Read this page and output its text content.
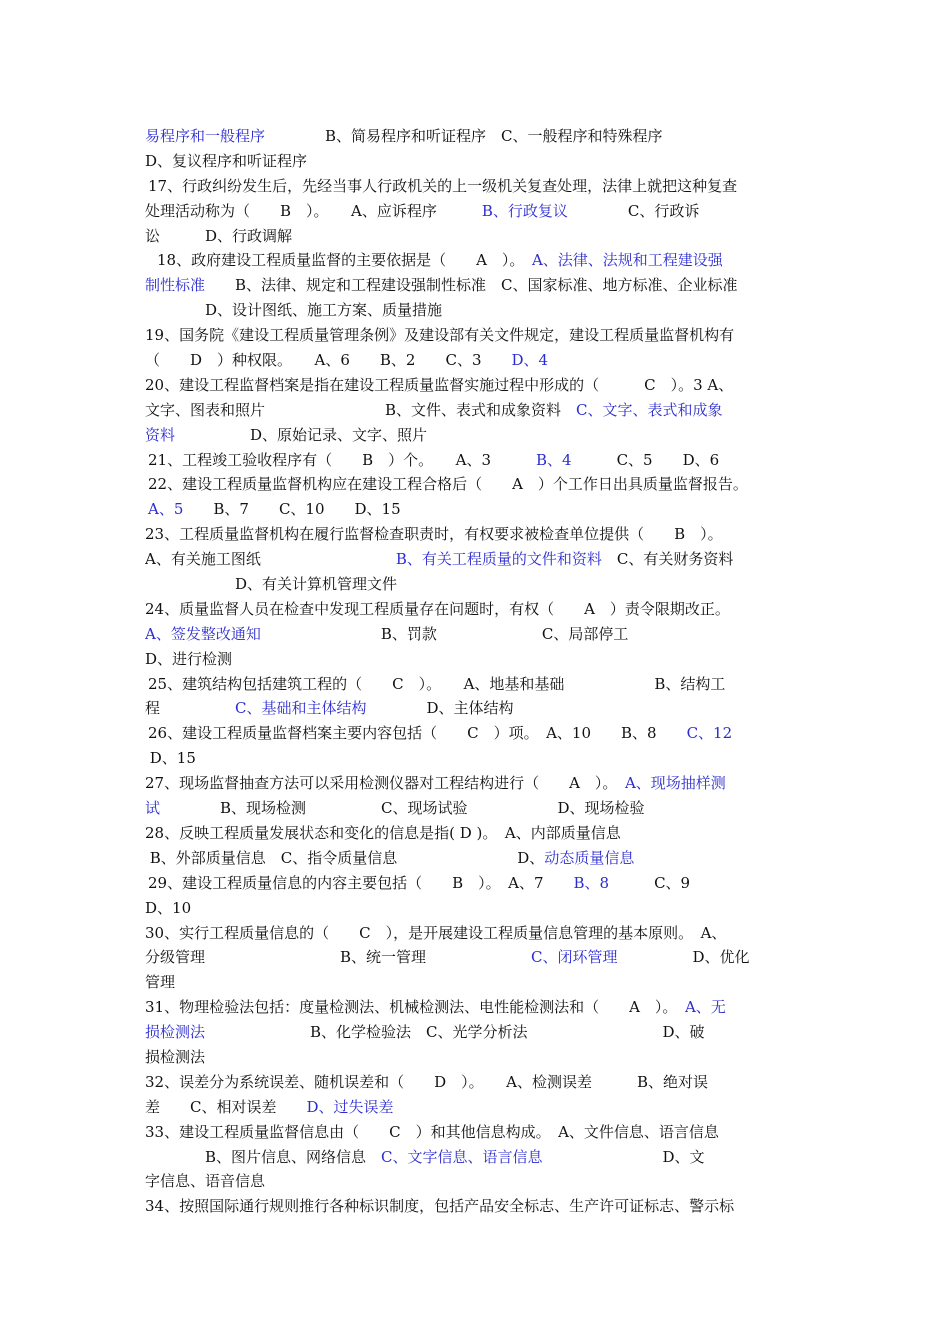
易程序和一般程序　　　　B、简易程序和听证程序　C、一般程序和特殊程序
D、复议程序和听证程序
17、行政纠纷发生后，先经当事人行政机关的上一级机关复查处理，法律上就把这种复查
处理活动称为（　　B　）。　　A、应诉程序　　　B、行政复议　　　　C、行政诉
讼　　　D、行政调解
18、政府建设工程质量监督的主要依据是（　　A　）。　A、法律、法规和工程建设强
制性标准　　B、法律、规定和工程建设强制性标准　C、国家标准、地方标准、企业标准
　　　　D、设计图纸、施工方案、质量措施
19、国务院《建设工程质量管理条例》及建设部有关文件规定，建设工程质量监督机构有
（　　D　）种权限。　　A、6　　B、2　　C、3　　D、4
20、建设工程监督档案是指在建设工程质量监督实施过程中形成的（　　　C　）。3 A、
文字、图表和照片　　　　　　　　B、文件、表式和成象资料　C、文字、表式和成象
资料　　　　　D、原始记录、文字、照片
21、工程竣工验收程序有（　　B　）个。　　A、3　　　B、4　　　C、5　　D、6
22、建设工程质量监督机构应在建设工程合格后（　　A　）个工作日出具质量监督报告。
A、5　　B、7　　C、10　　D、15
23、工程质量监督机构在履行监督检查职责时，有权要求被检查单位提供（　　B　）。
A、有关施工图纸　　　　　　　　　B、有关工程质量的文件和资料　C、有关财务资料
　　　　　　D、有关计算机管理文件
24、质量监督人员在检查中发现工程质量存在问题时，有权（　　A　）责令限期改正。
A、签发整改通知　　　　　　　　B、罚款　　　　　　　C、局部停工
D、进行检测
25、建筑结构包括建筑工程的（　　C　）。　　A、地基和基础　　　　　　B、结构工
程　　　　　C、基础和主体结构　　　　D、主体结构
26、建设工程质量监督档案主要内容包括（　　C　）项。　A、10　　B、8　　C、12
D、15
27、现场监督抽查方法可以采用检测仪器对工程结构进行（　　A　）。　A、现场抽样测
试　　　　B、现场检测　　　　　C、现场试验　　　　　　D、现场检验
28、反映工程质量发展状态和变化的信息是指( D )。　A、内部质量信息
B、外部质量信息　C、指令质量信息　　　　　　　　D、动态质量信息
29、建设工程质量信息的内容主要包括（　　B　）。　A、7　　B、8　　　C、9
D、10
30、实行工程质量信息的（　　C　），是开展建设工程质量信息管理的基本原则。　A、
分级管理　　　　　　　　　B、统一管理　　　　　　　C、闭环管理　　　　　D、优化
管理
31、物理检验法包括：度量检测法、机械检测法、电性能检测法和（　　A　）。　A、无
损检测法　　　　　　　B、化学检验法　C、光学分析法　　　　　　　　　D、破
损检测法
32、误差分为系统误差、随机误差和（　　D　）。　　A、检测误差　　　B、绝对误
差　　C、相对误差　　D、过失误差
33、建设工程质量监督信息由（　　C　）和其他信息构成。　A、文件信息、语言信息
　　　　B、图片信息、网络信息　C、文字信息、语言信息　　　　　　　　D、文
字信息、语音信息
34、按照国际通行规则推行各种标识制度，包括产品安全标志、生产许可证标志、警示标
